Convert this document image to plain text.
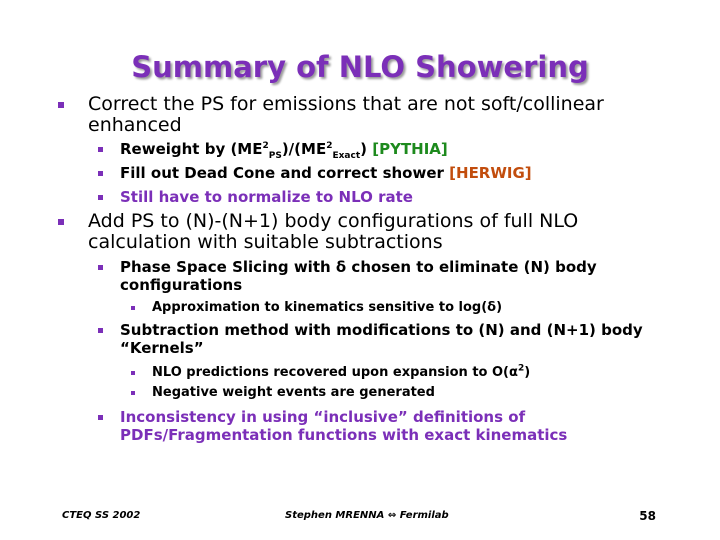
Summary of NLO Showering
Correct the PS for emissions that are not soft/collinear enhanced
Reweight by $(ME^2_{PS})/(ME^2_{Exact})$ [PYTHIA]
Fill out Dead Cone and correct shower [HERWIG]
Still have to normalize to NLO rate
Add PS to (N)-(N+1) body configurations of full NLO calculation with suitable subtractions
Phase Space Slicing with δ chosen to eliminate (N) body configurations
Approximation to kinematics sensitive to log(δ)
Subtraction method with modifications to (N) and (N+1) body “Kernels”
NLO predictions recovered upon expansion to $O(\alpha^2)$
Negative weight events are generated
Inconsistency in using “inclusive” definitions of PDFs/Fragmentation functions with exact kinematics
CTEQ SS 2002	Stephen MRENNA ⇔ Fermilab	58
